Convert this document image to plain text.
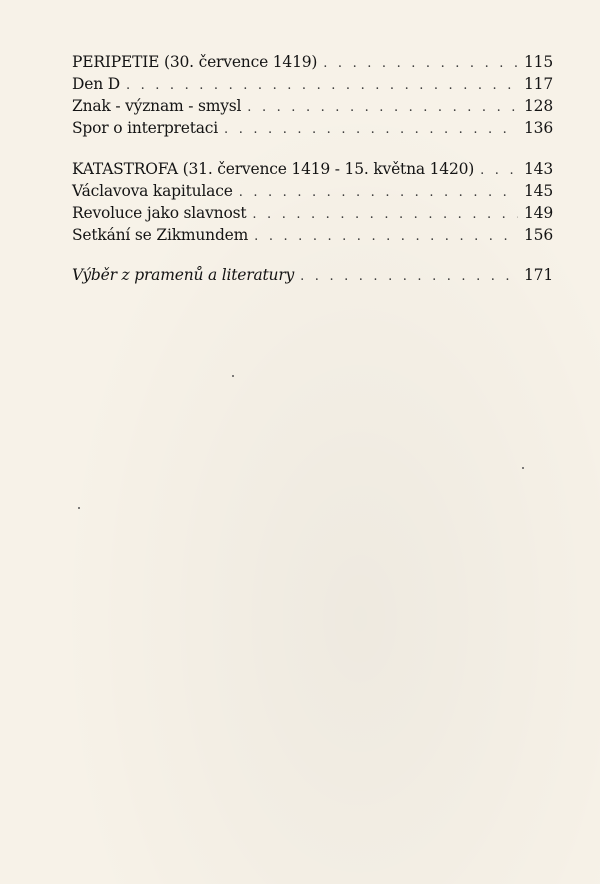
PERIPETIE (30. července 1419) . . .	115
Den D . . .	117
Znak - význam - smysl . . .	128
Spor o interpretaci . . .	136
KATASTROFA (31. července 1419 - 15. května 1420) . . .	143
Václavova kapitulace . . .	145
Revoluce jako slavnost . . .	149
Setkání se Zikmundem . . .	156
Výběr z pramenů a literatury . . .	171
